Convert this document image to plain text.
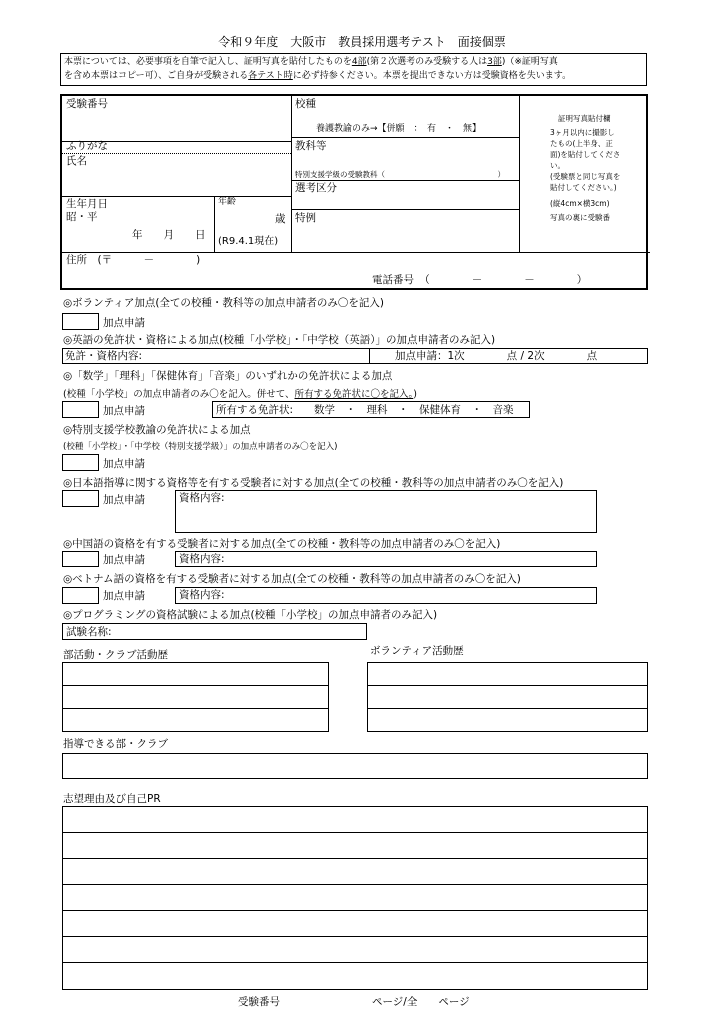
令和９年度　大阪市　教員採用選考テスト　面接個票
本票については、必要事項を自筆で記入し、証明写真を貼付したものを4部(第２次選考のみ受験する人は3部)（※証明写真
を含め本票はコピー可）、ご自身が受験される各テスト時に必ず持参ください。本票を提出できない方は受験資格を失います。
受験番号	校種
養護教諭のみ→【併願　：　有　・　無】
ふりがな
氏名
教科等
特別支援学級の受験教科（　　　　　　　　　　　　　　　）
選考区分
特例
生年月日
昭・平
年　　月　　日
年齢
歳
(R9.4.1現在)
証明写真貼付欄
3ヶ月以内に撮影し
たもの(上半身、正
面)を貼付してくださ
い。
(受験票と同じ写真を
貼付してください。)
(縦4cm×横3cm)
写真の裏に受験番
住所　(〒　　　－　　　　)
電話番号　（　　　　－　　　　－　　　　）
◎ボランティア加点(全ての校種・教科等の加点申請者のみ〇を記入)
加点申請
◎英語の免許状・資格による加点(校種「小学校」・「中学校（英語）」の加点申請者のみ記入)
免許・資格内容:	加点申請：1次　　　　点 / 2次　　　　点
◎「数学」「理科」「保健体育」「音楽」のいずれかの免許状による加点
(校種「小学校」の加点申請者のみ〇を記入。併せて、所有する免許状に〇を記入。)
加点申請	所有する免許状:　　数学　・　理科　・　保健体育　・　音楽
◎特別支援学校教諭の免許状による加点
(校種「小学校」・「中学校（特別支援学級）」の加点申請者のみ〇を記入)
加点申請
◎日本語指導に関する資格等を有する受験者に対する加点(全ての校種・教科等の加点申請者のみ〇を記入)
加点申請	資格内容:
◎中国語の資格を有する受験者に対する加点(全ての校種・教科等の加点申請者のみ〇を記入)
加点申請	資格内容:
◎ベトナム語の資格を有する受験者に対する加点(全ての校種・教科等の加点申請者のみ〇を記入)
加点申請	資格内容:
◎プログラミングの資格試験による加点(校種「小学校」の加点申請者のみ記入)
試験名称:
部活動・クラブ活動歴	ボランティア活動歴
指導できる部・クラブ
志望理由及び自己PR
受験番号	ページ/全　　ページ
